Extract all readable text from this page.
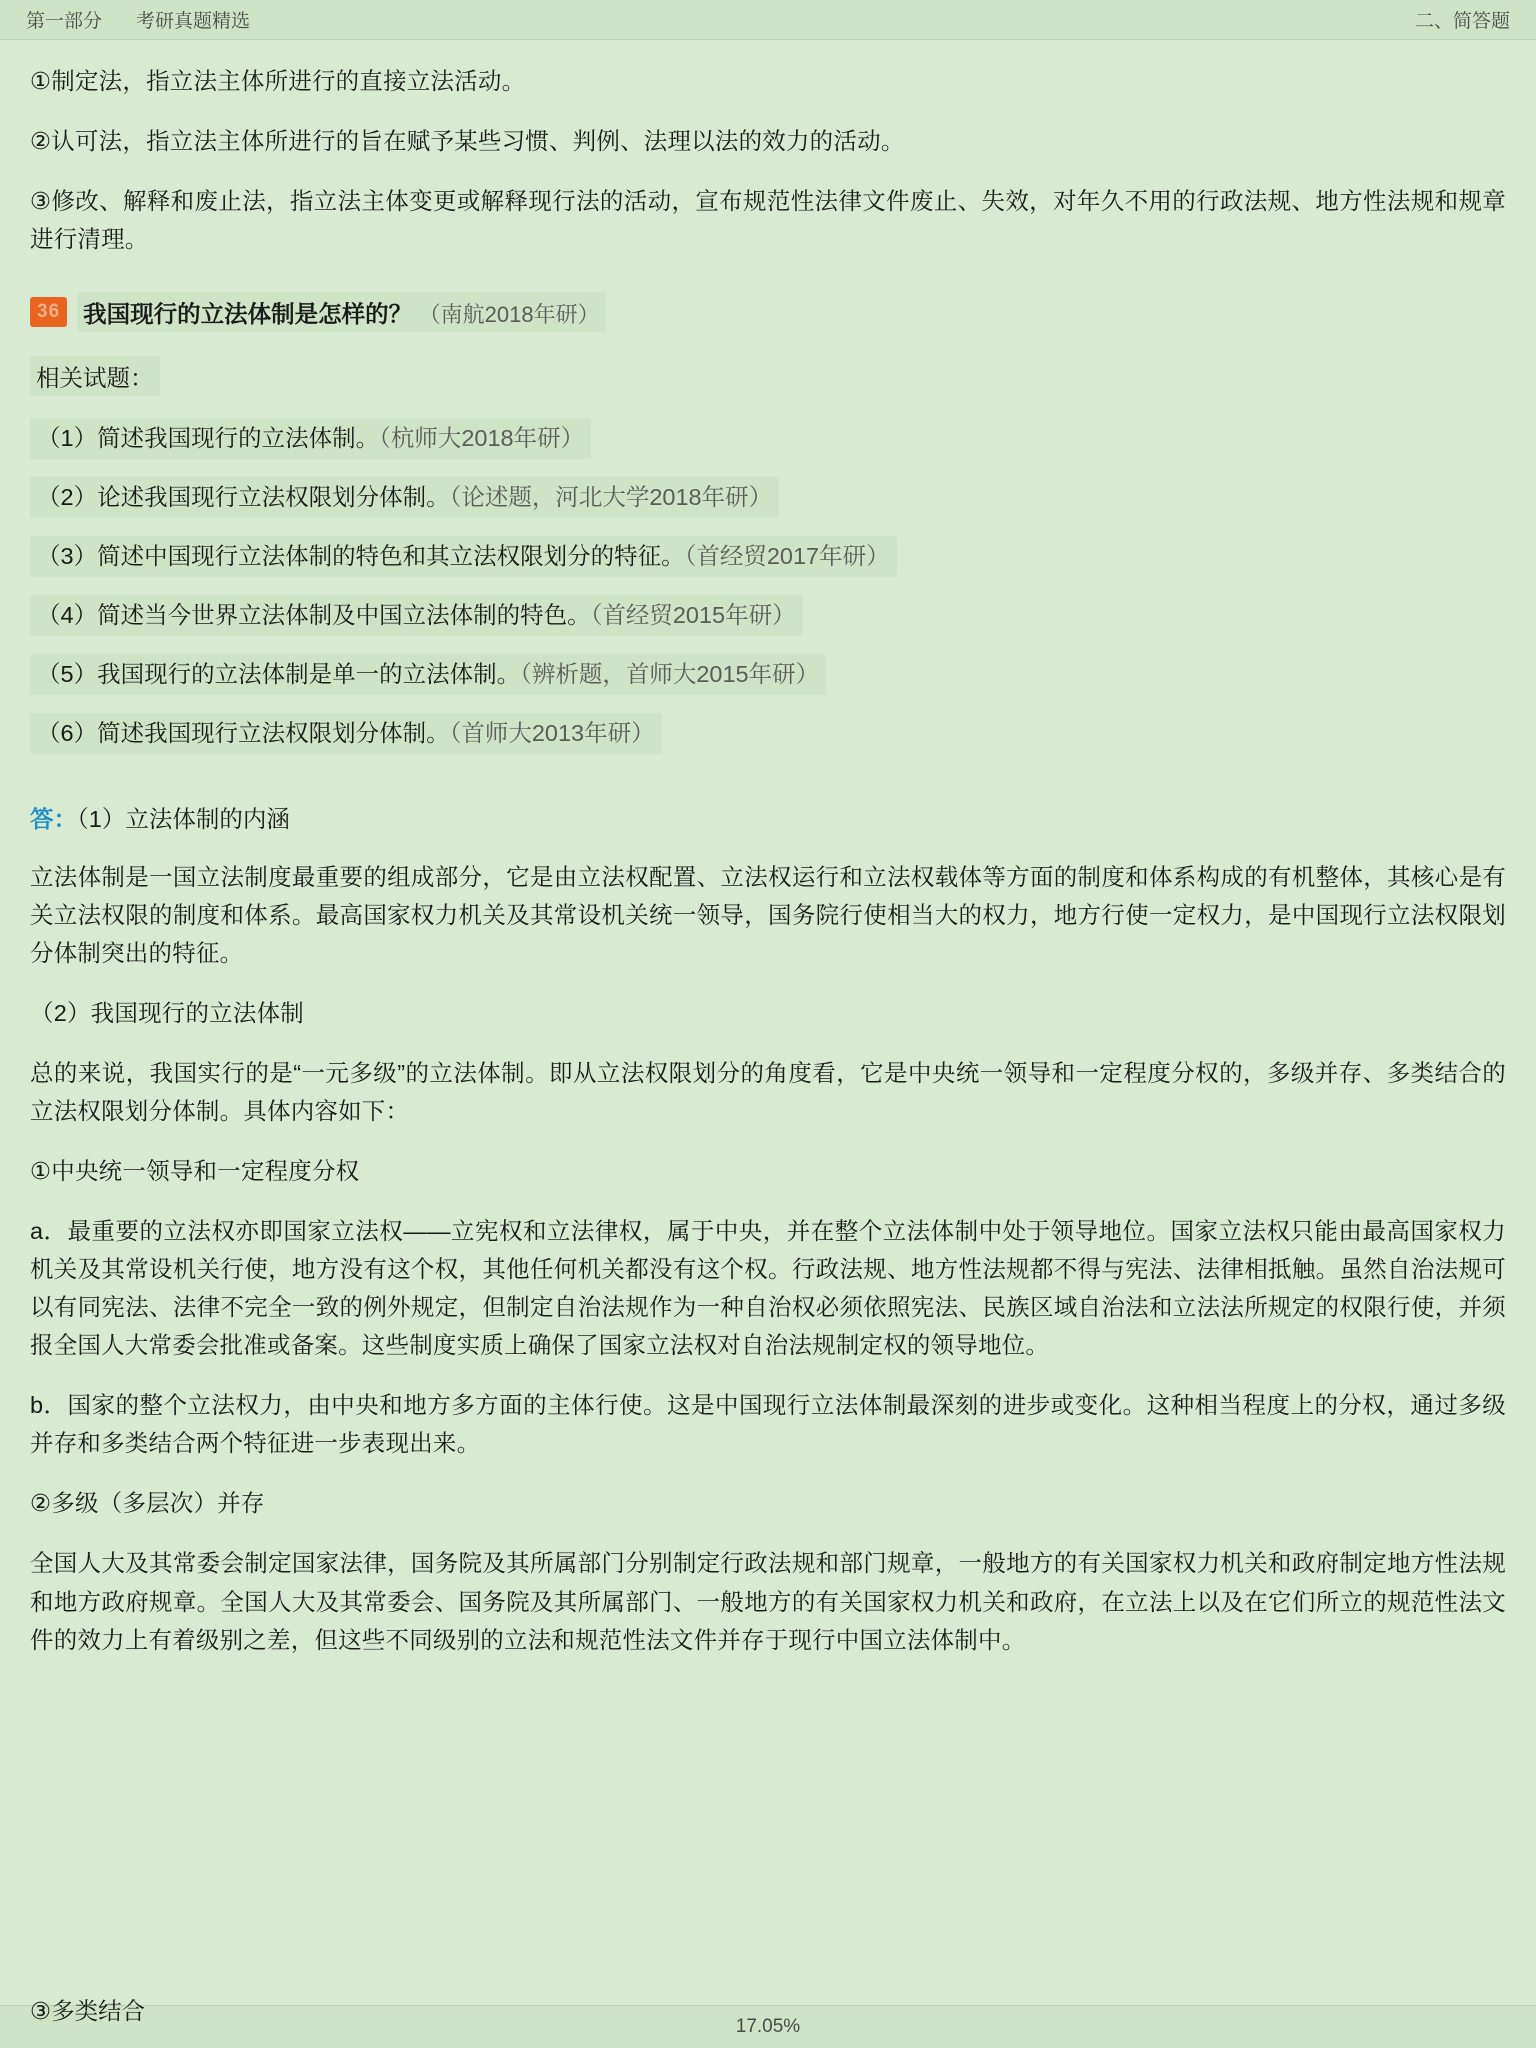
第一部分 考研真题精选	二、简答题

①制定法，指立法主体所进行的直接立法活动。

②认可法，指立法主体所进行的旨在赋予某些习惯、判例、法理以法的效力的活动。

③修改、解释和废止法，指立法主体变更或解释现行法的活动，宣布规范性法律文件废止、失效，对年久不用的行政法规、地方性法规和规章进行清理。

36 我国现行的立法体制是怎样的？ （南航2018年研）
相关试题：
（1）简述我国现行的立法体制。（杭师大2018年研）
（2）论述我国现行立法权限划分体制。（论述题，河北大学2018年研）
（3）简述中国现行立法体制的特色和其立法权限划分的特征。（首经贸2017年研）
（4）简述当今世界立法体制及中国立法体制的特色。（首经贸2015年研）
（5）我国现行的立法体制是单一的立法体制。（辨析题，首师大2015年研）
（6）简述我国现行立法权限划分体制。（首师大2013年研）

答：（1）立法体制的内涵

立法体制是一国立法制度最重要的组成部分，它是由立法权配置、立法权运行和立法权载体等方面的制度和体系构成的有机整体，其核心是有关立法权限的制度和体系。最高国家权力机关及其常设机关统一领导，国务院行使相当大的权力，地方行使一定权力，是中国现行立法权限划分体制突出的特征。

（2）我国现行的立法体制

总的来说，我国实行的是“一元多级”的立法体制。即从立法权限划分的角度看，它是中央统一领导和一定程度分权的，多级并存、多类结合的立法权限划分体制。具体内容如下：

①中央统一领导和一定程度分权

a．最重要的立法权亦即国家立法权——立宪权和立法律权，属于中央，并在整个立法体制中处于领导地位。国家立法权只能由最高国家权力机关及其常设机关行使，地方没有这个权，其他任何机关都没有这个权。行政法规、地方性法规都不得与宪法、法律相抵触。虽然自治法规可以有同宪法、法律不完全一致的例外规定，但制定自治法规作为一种自治权必须依照宪法、民族区域自治法和立法法所规定的权限行使，并须报全国人大常委会批准或备案。这些制度实质上确保了国家立法权对自治法规制定权的领导地位。

b．国家的整个立法权力，由中央和地方多方面的主体行使。这是中国现行立法体制最深刻的进步或变化。这种相当程度上的分权，通过多级并存和多类结合两个特征进一步表现出来。

②多级（多层次）并存

全国人大及其常委会制定国家法律，国务院及其所属部门分别制定行政法规和部门规章，一般地方的有关国家权力机关和政府制定地方性法规和地方政府规章。全国人大及其常委会、国务院及其所属部门、一般地方的有关国家权力机关和政府，在立法上以及在它们所立的规范性法文件的效力上有着级别之差，但这些不同级别的立法和规范性法文件并存于现行中国立法体制中。

17.05%
